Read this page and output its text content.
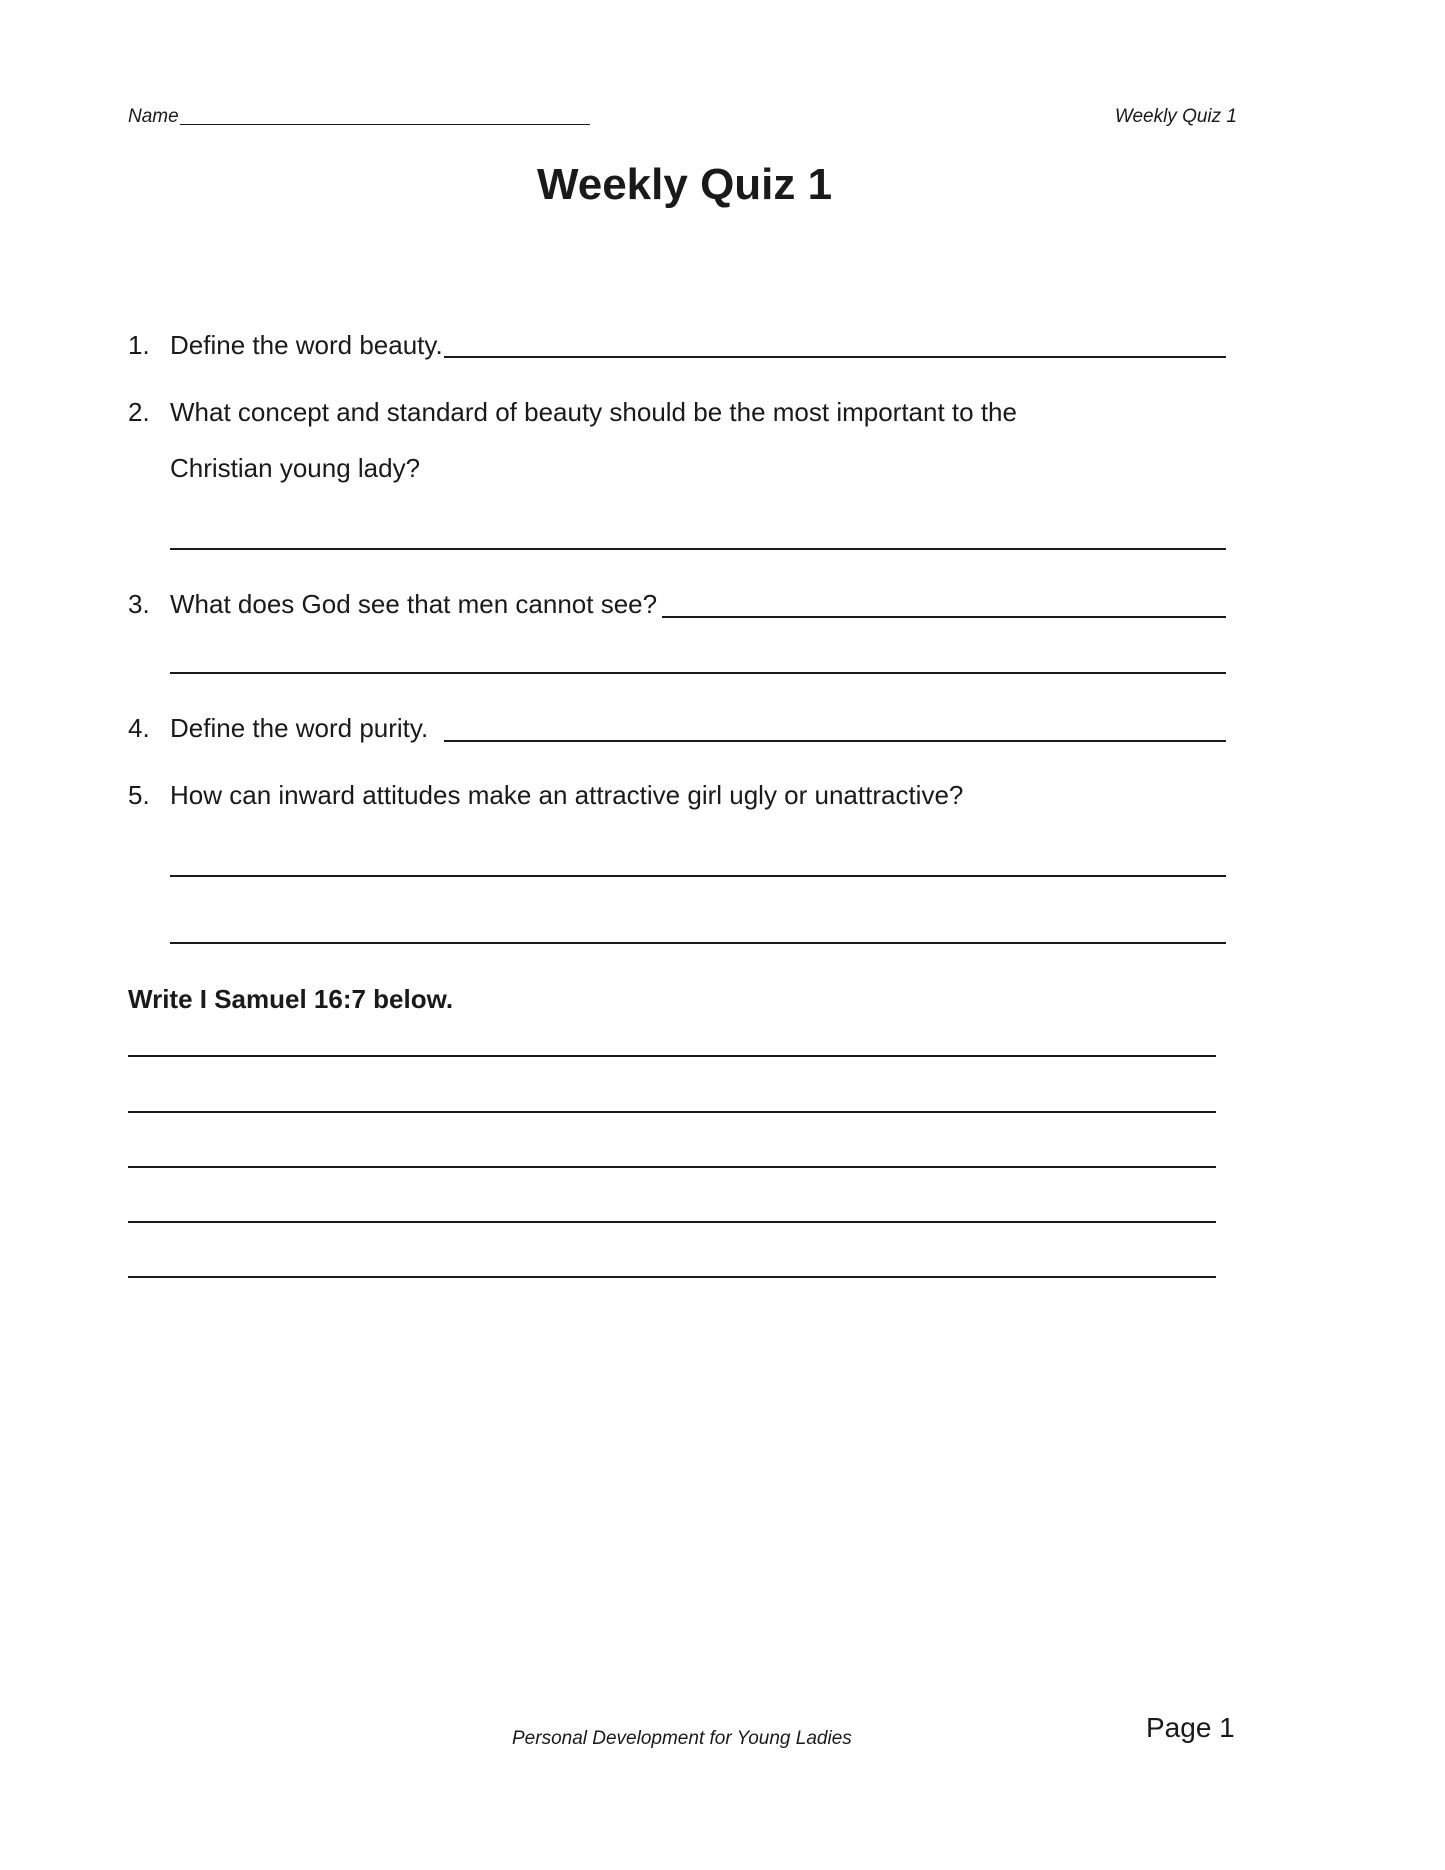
Name	Weekly Quiz 1
Weekly Quiz 1
1. Define the word beauty.
2. What concept and standard of beauty should be the most important to the
Christian young lady?
3. What does God see that men cannot see?
4. Define the word purity.
5. How can inward attitudes make an attractive girl ugly or unattractive?
Write I Samuel 16:7 below.
Personal Development for Young Ladies	Page 1
